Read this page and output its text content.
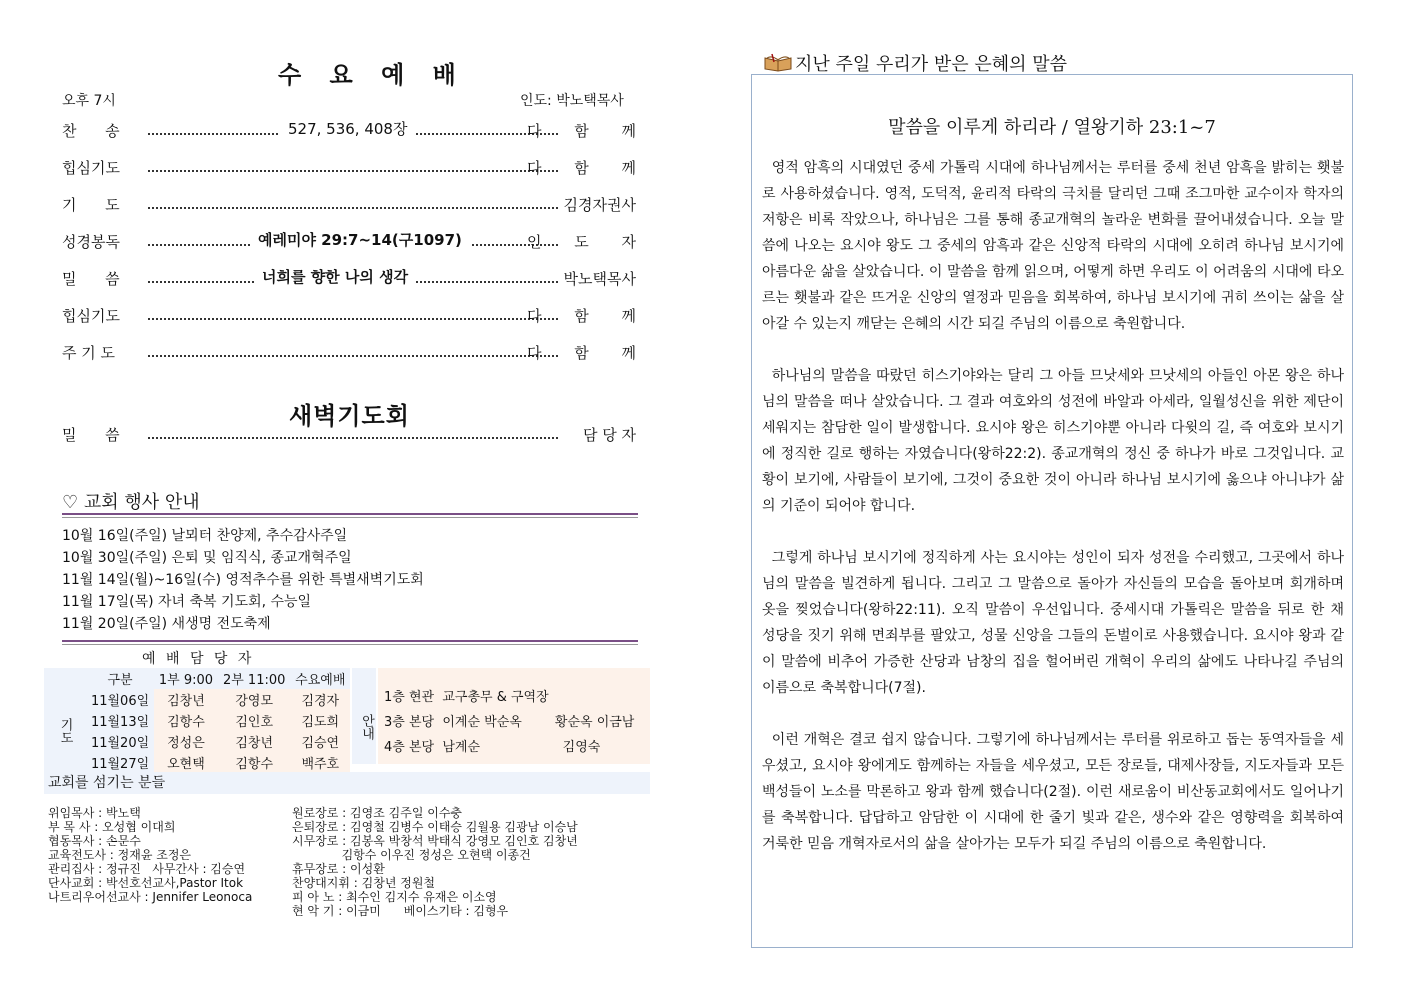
수 요 예 배
오후 7시	인도: 박노택목사
찬      송	527, 536, 408장	다 함 께
힙심기도	다 함 께
기      도	김경자권사
성경봉독	예레미야 29:7~14(구1097)	인 도 자
밀      씀	너희를 향한 나의 생각	박노택목사
힙심기도	다 함 께
주 기 도	다 함 께
새벽기도회
밀      씀	담 당 자
♡ 교회 행사 안내
10월 16일(주일) 날뫼터 찬양제, 추수감사주일
10월 30일(주일) 은퇴 및 임직식, 종교개혁주일
11월 14일(월)~16일(수) 영적추수를 위한 특별새벽기도회
11월 17일(목) 자녀 축복 기도회, 수능일
11월 20일(주일) 새생명 전도축제
예 배 담 당 자
	구분	1부 9:00	2부 11:00	수요예배
기도	11월06일	김창년	강영모	김경자
	11월13일	김항수	김인호	김도희
	11월20일	정성은	김창년	김승연
	11월27일	오현택	김항수	백주호
안내
1층 현관  교구총무 & 구역장
3층 본당  이계순 박순옥        황순옥 이금남
4층 본당  남계순                    김영숙
교회를 섬기는 분들
위임목사 : 박노택
부 목 사 : 오성협 이대희
협동목사 : 손문수
교육전도사 : 정재윤 조정은
관리집사 : 정규진   사무간사 : 김승연
단사교회 : 박선호선교사,Pastor Itok
나트리우어선교사 : Jennifer Leonoca
원로장로 : 김영조 김주일 이수충
은퇴장로 : 김영철 김병수 이태승 김월용 김광남 이승남
시무장로 : 김봉옥 박창석 박태식 강영모 김인호 김창년
김항수 이우진 정성은 오현택 이종건
휴무장로 : 이성환
찬양대지휘 : 김창년 정원철
피 아 노 : 최수인 김지수 유재은 이소영
현 악 기 : 이금미      베이스기타 : 김형우
지난 주일 우리가 받은 은혜의 말씀
말씀을 이루게 하리라 / 열왕기하 23:1~7

영적 암흑의 시대였던 중세 가톨릭 시대에 하나님께서는 루터를 중세 천년 암흑을 밝히는 횃불로 사용하셨습니다. 영적, 도덕적, 윤리적 타락의 극치를 달리던 그때 조그마한 교수이자 학자의 저항은 비록 작았으나, 하나님은 그를 통해 종교개혁의 놀라운 변화를 끌어내셨습니다. 오늘 말씀에 나오는 요시야 왕도 그 중세의 암흑과 같은 신앙적 타락의 시대에 오히려 하나님 보시기에 아름다운 삶을 살았습니다. 이 말씀을 함께 읽으며, 어떻게 하면 우리도 이 어려움의 시대에 타오르는 횃불과 같은 뜨거운 신앙의 열정과 믿음을 회복하여, 하나님 보시기에 귀히 쓰이는 삶을 살아갈 수 있는지 깨닫는 은혜의 시간 되길 주님의 이름으로 축원합니다.

하나님의 말씀을 따랐던 히스기야와는 달리 그 아들 므낫세와 므낫세의 아들인 아몬 왕은 하나님의 말씀을 떠나 살았습니다. 그 결과 여호와의 성전에 바알과 아세라, 일월성신을 위한 제단이 세워지는 참담한 일이 발생합니다. 요시야 왕은 히스기야뿐 아니라 다윗의 길, 즉 여호와 보시기에 정직한 길로 행하는 자였습니다(왕하22:2). 종교개혁의 정신 중 하나가 바로 그것입니다. 교황이 보기에, 사람들이 보기에, 그것이 중요한 것이 아니라 하나님 보시기에 옳으냐 아니냐가 삶의 기준이 되어야 합니다.

그렇게 하나님 보시기에 정직하게 사는 요시야는 성인이 되자 성전을 수리했고, 그곳에서 하나님의 말씀을 빌견하게 됩니다. 그리고 그 말씀으로 돌아가 자신들의 모습을 돌아보며 회개하며 옷을 찢었습니다(왕하22:11). 오직 말씀이 우선입니다. 중세시대 가톨릭은 말씀을 뒤로 한 채 성당을 짓기 위해 면죄부를 팔았고, 성물 신앙을 그들의 돈벌이로 사용했습니다. 요시야 왕과 같이 말씀에 비추어 가증한 산당과 남창의 집을 헐어버린 개혁이 우리의 삶에도 나타나길 주님의 이름으로 축복합니다(7절).

이런 개혁은 결코 쉽지 않습니다. 그렇기에 하나님께서는 루터를 위로하고 돕는 동역자들을 세우셨고, 요시야 왕에게도 함께하는 자들을 세우셨고, 모든 장로들, 대제사장들, 지도자들과 모든 백성들이 노소를 막론하고 왕과 함께 했습니다(2절). 이런 새로움이 비산동교회에서도 일어나기를 축복합니다. 답답하고 암담한 이 시대에 한 줄기 빛과 같은, 생수와 같은 영향력을 회복하여 거룩한 믿음 개혁자로서의 삶을 살아가는 모두가 되길 주님의 이름으로 축원합니다.
